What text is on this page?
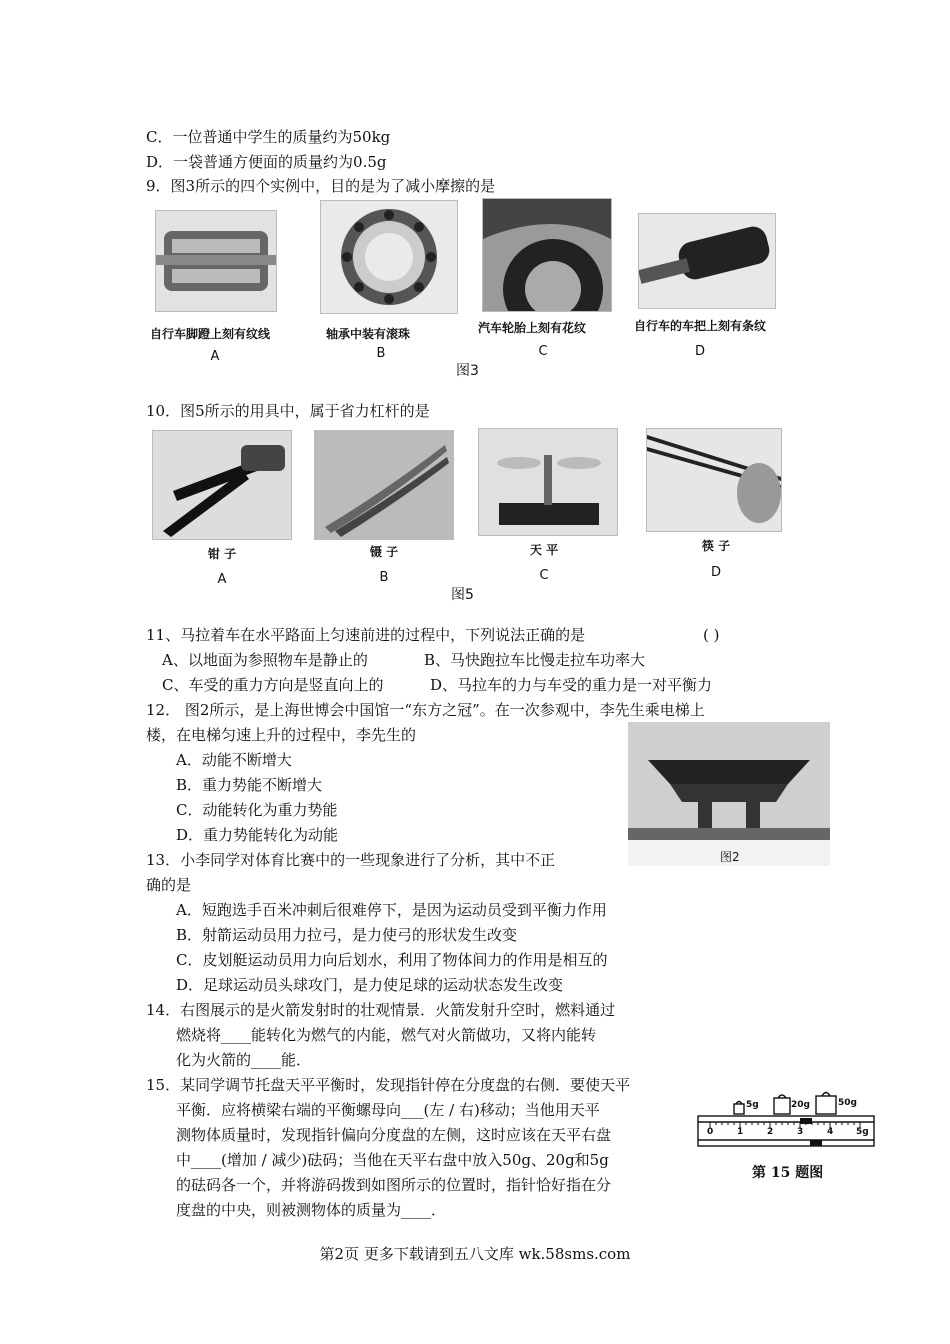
C．一位普通中学生的质量约为50kg
D．一袋普通方便面的质量约为0.5g
9．图3所示的四个实例中，目的是为了减小摩擦的是
自行车脚蹬上刻有纹线	轴承中装有滚珠	汽车轮胎上刻有花纹	自行车的车把上刻有条纹
A	B	C	D
图3
10．图5所示的用具中，属于省力杠杆的是
钳 子	镊 子	天 平	筷 子
A	B	C	D
图5
11、马拉着车在水平路面上匀速前进的过程中，下列说法正确的是	( )
A、以地面为参照物车是静止的	B、马快跑拉车比慢走拉车功率大
C、车受的重力方向是竖直向上的	D、马拉车的力与车受的重力是一对平衡力
12． 图2所示，是上海世博会中国馆一“东方之冠”。在一次参观中，李先生乘电梯上
楼，在电梯匀速上升的过程中，李先生的
A．动能不断增大
B．重力势能不断增大
C．动能转化为重力势能
D．重力势能转化为动能
图2
13．小李同学对体育比赛中的一些现象进行了分析，其中不正
确的是
A．短跑选手百米冲刺后很难停下，是因为运动员受到平衡力作用
B．射箭运动员用力拉弓，是力使弓的形状发生改变
C．皮划艇运动员用力向后划水，利用了物体间力的作用是相互的
D．足球运动员头球攻门，是力使足球的运动状态发生改变
14．右图展示的是火箭发射时的壮观情景．火箭发射升空时，燃料通过
燃烧将____能转化为燃气的内能，燃气对火箭做功，又将内能转
化为火箭的____能．
15．某同学调节托盘天平平衡时，发现指针停在分度盘的右侧．要使天平
平衡．应将横梁右端的平衡螺母向___(左 / 右)移动；当他用天平
测物体质量时，发现指针偏向分度盘的左侧，这时应该在天平右盘
中____(增加 / 减少)砝码；当他在天平右盘中放入50g、20g和5g
的砝码各一个，并将游码拨到如图所示的位置时，指针恰好指在分
度盘的中央，则被测物体的质量为____．
5g	20g	50g
0	1	2	3	4	5g
第 15 题图
第2页 更多下载请到五八文库 wk.58sms.com
